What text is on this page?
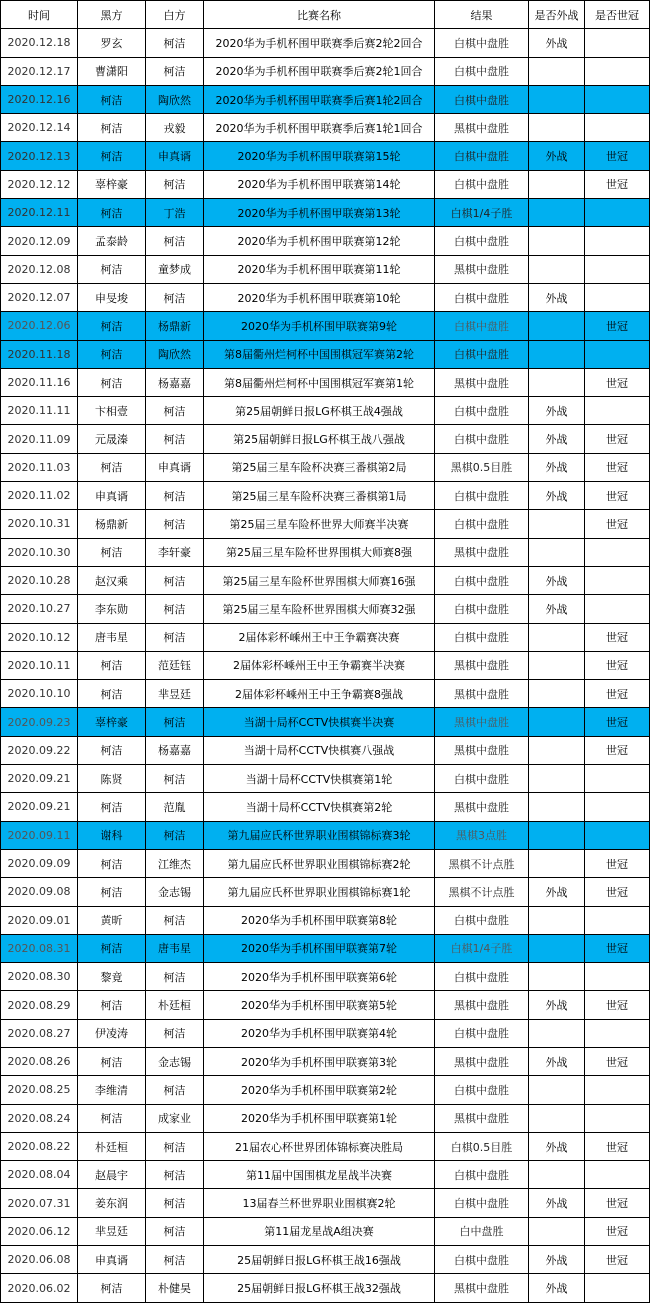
时间	黑方	白方	比赛名称	结果	是否外战	是否世冠
2020.12.18	罗玄	柯洁	2020华为手机杯围甲联赛季后赛2轮2回合	白棋中盘胜	外战	
2020.12.17	曹潇阳	柯洁	2020华为手机杯围甲联赛季后赛2轮1回合	白棋中盘胜		
2020.12.16	柯洁	陶欣然	2020华为手机杯围甲联赛季后赛1轮2回合	白棋中盘胜		
2020.12.14	柯洁	戎毅	2020华为手机杯围甲联赛季后赛1轮1回合	黑棋中盘胜		
2020.12.13	柯洁	申真谞	2020华为手机杯围甲联赛第15轮	白棋中盘胜	外战	世冠
2020.12.12	辜梓豪	柯洁	2020华为手机杯围甲联赛第14轮	白棋中盘胜		世冠
2020.12.11	柯洁	丁浩	2020华为手机杯围甲联赛第13轮	白棋1/4子胜		
2020.12.09	孟泰龄	柯洁	2020华为手机杯围甲联赛第12轮	白棋中盘胜		
2020.12.08	柯洁	童梦成	2020华为手机杯围甲联赛第11轮	黑棋中盘胜		
2020.12.07	申旻埈	柯洁	2020华为手机杯围甲联赛第10轮	白棋中盘胜	外战	
2020.12.06	柯洁	杨鼎新	2020华为手机杯围甲联赛第9轮	白棋中盘胜		世冠
2020.11.18	柯洁	陶欣然	第8届衢州烂柯杯中国围棋冠军赛第2轮	白棋中盘胜		
2020.11.16	柯洁	杨嘉嘉	第8届衢州烂柯杯中国围棋冠军赛第1轮	黑棋中盘胜		世冠
2020.11.11	卞相壹	柯洁	第25届朝鲜日报LG杯棋王战4强战	白棋中盘胜	外战	
2020.11.09	元晟溱	柯洁	第25届朝鲜日报LG杯棋王战八强战	白棋中盘胜	外战	世冠
2020.11.03	柯洁	申真谞	第25届三星车险杯决赛三番棋第2局	黑棋0.5目胜	外战	世冠
2020.11.02	申真谞	柯洁	第25届三星车险杯决赛三番棋第1局	白棋中盘胜	外战	世冠
2020.10.31	杨鼎新	柯洁	第25届三星车险杯世界大师赛半决赛	白棋中盘胜		世冠
2020.10.30	柯洁	李轩豪	第25届三星车险杯世界围棋大师赛8强	黑棋中盘胜		
2020.10.28	赵汉乘	柯洁	第25届三星车险杯世界围棋大师赛16强	白棋中盘胜	外战	
2020.10.27	李东勋	柯洁	第25届三星车险杯世界围棋大师赛32强	白棋中盘胜	外战	
2020.10.12	唐韦星	柯洁	2届体彩杯嵊州王中王争霸赛决赛	白棋中盘胜		世冠
2020.10.11	柯洁	范廷钰	2届体彩杯嵊州王中王争霸赛半决赛	黑棋中盘胜		世冠
2020.10.10	柯洁	芈昱廷	2届体彩杯嵊州王中王争霸赛8强战	黑棋中盘胜		世冠
2020.09.23	辜梓豪	柯洁	当湖十局杯CCTV快棋赛半决赛	黑棋中盘胜		世冠
2020.09.22	柯洁	杨嘉嘉	当湖十局杯CCTV快棋赛八强战	黑棋中盘胜		世冠
2020.09.21	陈贤	柯洁	当湖十局杯CCTV快棋赛第1轮	白棋中盘胜		
2020.09.21	柯洁	范胤	当湖十局杯CCTV快棋赛第2轮	黑棋中盘胜		
2020.09.11	谢科	柯洁	第九届应氏杯世界职业围棋锦标赛3轮	黑棋3点胜		
2020.09.09	柯洁	江维杰	第九届应氏杯世界职业围棋锦标赛2轮	黑棋不计点胜		世冠
2020.09.08	柯洁	金志锡	第九届应氏杯世界职业围棋锦标赛1轮	黑棋不计点胜	外战	世冠
2020.09.01	黄昕	柯洁	2020华为手机杯围甲联赛第8轮	白棋中盘胜		
2020.08.31	柯洁	唐韦星	2020华为手机杯围甲联赛第7轮	白棋1/4子胜		世冠
2020.08.30	黎竟	柯洁	2020华为手机杯围甲联赛第6轮	白棋中盘胜		
2020.08.29	柯洁	朴廷桓	2020华为手机杯围甲联赛第5轮	黑棋中盘胜	外战	世冠
2020.08.27	伊凌涛	柯洁	2020华为手机杯围甲联赛第4轮	白棋中盘胜		
2020.08.26	柯洁	金志锡	2020华为手机杯围甲联赛第3轮	黑棋中盘胜	外战	世冠
2020.08.25	李维清	柯洁	2020华为手机杯围甲联赛第2轮	白棋中盘胜		
2020.08.24	柯洁	成家业	2020华为手机杯围甲联赛第1轮	黑棋中盘胜		
2020.08.22	朴廷桓	柯洁	21届农心杯世界团体锦标赛决胜局	白棋0.5目胜	外战	世冠
2020.08.04	赵晨宇	柯洁	第11届中国围棋龙星战半决赛	白棋中盘胜		
2020.07.31	姜东润	柯洁	13届春兰杯世界职业围棋赛2轮	白棋中盘胜	外战	世冠
2020.06.12	芈昱廷	柯洁	第11届龙星战A组决赛	白中盘胜		世冠
2020.06.08	申真谞	柯洁	25届朝鲜日报LG杯棋王战16强战	白棋中盘胜	外战	世冠
2020.06.02	柯洁	朴健昊	25届朝鲜日报LG杯棋王战32强战	黑棋中盘胜	外战	
